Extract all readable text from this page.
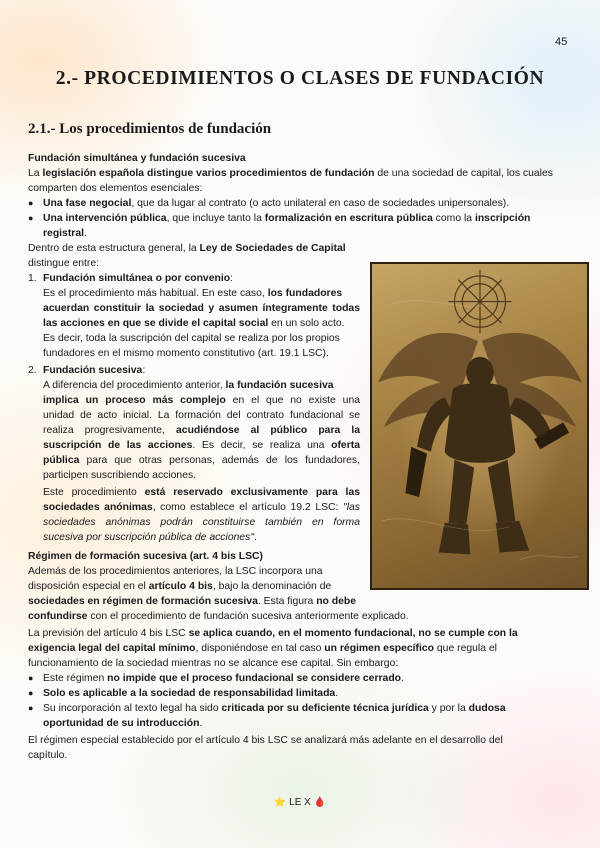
45
2.- PROCEDIMIENTOS O CLASES DE FUNDACIÓN
2.1.- Los procedimientos de fundación
Fundación simultánea y fundación sucesiva
La legislación española distingue varios procedimientos de fundación de una sociedad de capital, los cuales
comparten dos elementos esenciales:
● Una fase negocial, que da lugar al contrato (o acto unilateral en caso de sociedades unipersonales).
● Una intervención pública, que incluye tanto la formalización en escritura pública como la inscripción
registral.
Dentro de esta estructura general, la Ley de Sociedades de Capital
distingue entre:
1. Fundación simultánea o por convenio:
Es el procedimiento más habitual. En este caso, los fundadores
acuerdan constituir la sociedad y asumen íntegramente todas
las acciones en que se divide el capital social en un solo acto.
Es decir, toda la suscripción del capital se realiza por los propios
fundadores en el mismo momento constitutivo (art. 19.1 LSC).
2. Fundación sucesiva:
A diferencia del procedimiento anterior, la fundación sucesiva
implica un proceso más complejo en el que no existe una
unidad de acto inicial. La formación del contrato fundacional se
realiza progresivamente, acudiéndose al público para la
suscripción de las acciones. Es decir, se realiza una oferta
pública para que otras personas, además de los fundadores,
participen suscribiendo acciones.
Este procedimiento está reservado exclusivamente para las
sociedades anónimas, como establece el artículo 19.2 LSC: "las
sociedades anónimas podrán constituirse también en forma
sucesiva por suscripción pública de acciones".
Régimen de formación sucesiva (art. 4 bis LSC)
Además de los procedimientos anteriores, la LSC incorpora una
disposición especial en el artículo 4 bis, bajo la denominación de
sociedades en régimen de formación sucesiva. Esta figura no debe
confundirse con el procedimiento de fundación sucesiva anteriormente explicado.
La previsión del artículo 4 bis LSC se aplica cuando, en el momento fundacional, no se cumple con la
exigencia legal del capital mínimo, disponiéndose en tal caso un régimen específico que regula el
funcionamiento de la sociedad mientras no se alcance ese capital. Sin embargo:
● Este régimen no impide que el proceso fundacional se considere cerrado.
● Solo es aplicable a la sociedad de responsabilidad limitada.
● Su incorporación al texto legal ha sido criticada por su deficiente técnica jurídica y por la dudosa
oportunidad de su introducción.
El régimen especial establecido por el artículo 4 bis LSC se analizará más adelante en el desarrollo del
capítulo.
⭐ LE X 🩸
